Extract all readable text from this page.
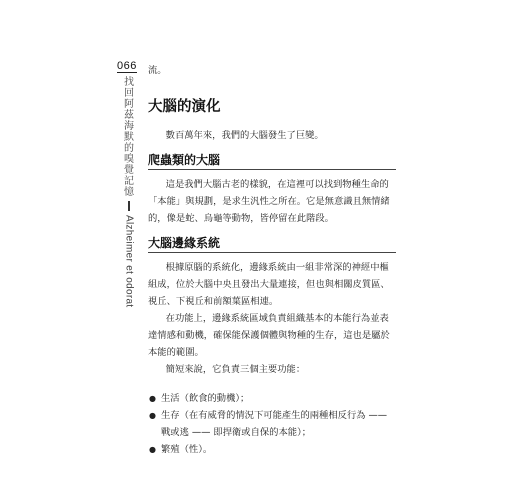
066
找
回
阿
茲
海
默
的
嗅
覺
記
憶
Alzheimer et odorat

流。

大腦的演化

數百萬年來，我們的大腦發生了巨變。

爬蟲類的大腦

這是我們大腦古老的樣貌，在這裡可以找到物種生命的「本能」與規劃，是求生汎性之所在。它是無意識且無情緒的，像是蛇、烏龜等動物，皆停留在此階段。

大腦邊緣系統

根據原腦的系統化，邊緣系統由一組非常深的神經中樞組成，位於大腦中央且發出大量連接，但也與相關皮質區、視丘、下視丘和前額葉區相連。

在功能上，邊緣系統區域負責組織基本的本能行為並表達情感和動機，確保能保護個體與物種的生存，這也是屬於本能的範圍。

簡短來說，它負責三個主要功能：

● 生活（飲食的動機）；
● 生存（在有威脅的情況下可能產生的兩種相反行為 —— 戰或逃 —— 即捍衛或自保的本能）；
● 繁殖（性）。
